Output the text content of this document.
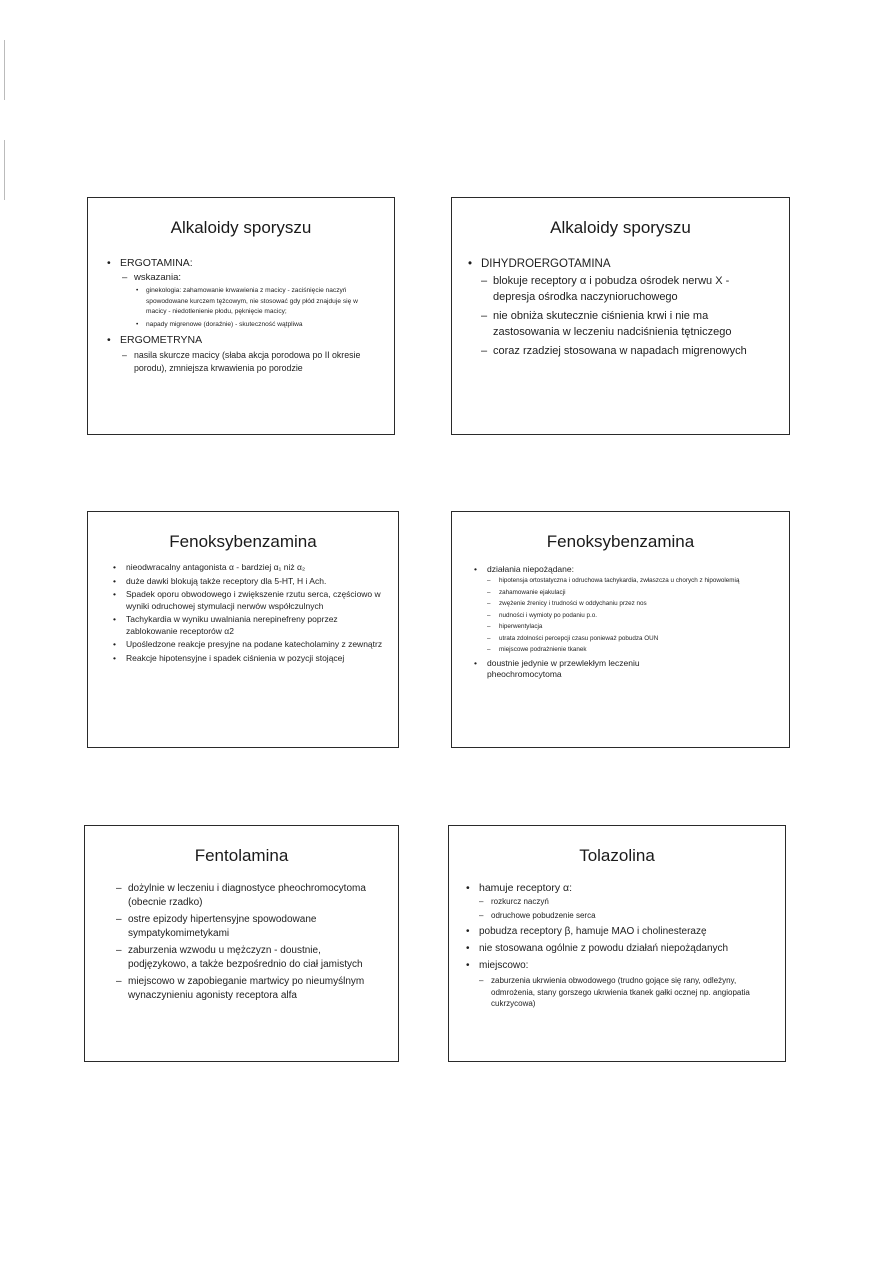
Alkaloidy sporyszu
• ERGOTAMINA:
– wskazania:
• ginekologia: zahamowanie krwawienia z macicy - zaciśnięcie naczyń spowodowane kurczem tężcowym, nie stosować gdy płód znajduje się w macicy - niedotlenienie płodu, pęknięcie macicy;
• napady migrenowe (doraźnie) - skuteczność wątpliwa
• ERGOMETRYNA
– nasila skurcze macicy (słaba akcja porodowa po II okresie porodu), zmniejsza krwawienia po porodzie
Alkaloidy sporyszu
• DIHYDROERGOTAMINA
– blokuje receptory α i pobudza ośrodek nerwu X - depresja ośrodka naczynioruchowego
– nie obniża skutecznie ciśnienia krwi i nie ma zastosowania w leczeniu nadciśnienia tętniczego
– coraz rzadziej stosowana w napadach migrenowych
Fenoksybenzamina
• nieodwracalny antagonista α - bardziej α₁ niż α₂
• duże dawki blokują także receptory dla 5-HT, H i Ach.
• Spadek oporu obwodowego i zwiększenie rzutu serca, częściowo w wyniki odruchowej stymulacji nerwów współczulnych
• Tachykardia w wyniku uwalniania nerepinefreny poprzez zablokowanie receptorów α2
• Upośledzone reakcje presyjne na podane katecholaminy z zewnątrz
• Reakcje hipotensyjne i spadek ciśnienia w pozycji stojącej
Fenoksybenzamina
• działania niepożądane:
– hipotensja ortostatyczna i odruchowa tachykardia, zwłaszcza u chorych z hipowolemią
– zahamowanie ejakulacji
– zwężenie źrenicy i trudności w oddychaniu przez nos
– nudności i wymioty po podaniu p.o.
– hiperwentylacja
– utrata zdolności percepcji czasu ponieważ pobudza OUN
– miejscowe podrażnienie tkanek
• doustnie jedynie w przewlekłym leczeniu pheochromocytoma
Fentolamina
– dożylnie w leczeniu i diagnostyce pheochromocytoma (obecnie rzadko)
– ostre epizody hipertensyjne spowodowane sympatykomimetykami
– zaburzenia wzwodu u mężczyzn - doustnie, podjęzykowo, a także bezpośrednio do ciał jamistych
– miejscowo w zapobieganie martwicy po nieumyślnym wynaczynieniu agonisty receptora alfa
Tolazolina
• hamuje receptory α:
– rozkurcz naczyń
– odruchowe pobudzenie serca
• pobudza receptory β, hamuje MAO i cholinesterazę
• nie stosowana ogólnie z powodu działań niepożądanych
• miejscowo:
– zaburzenia ukrwienia obwodowego (trudno gojące się rany, odleżyny, odmrożenia, stany gorszego ukrwienia tkanek gałki ocznej np. angiopatia cukrzycowa)
